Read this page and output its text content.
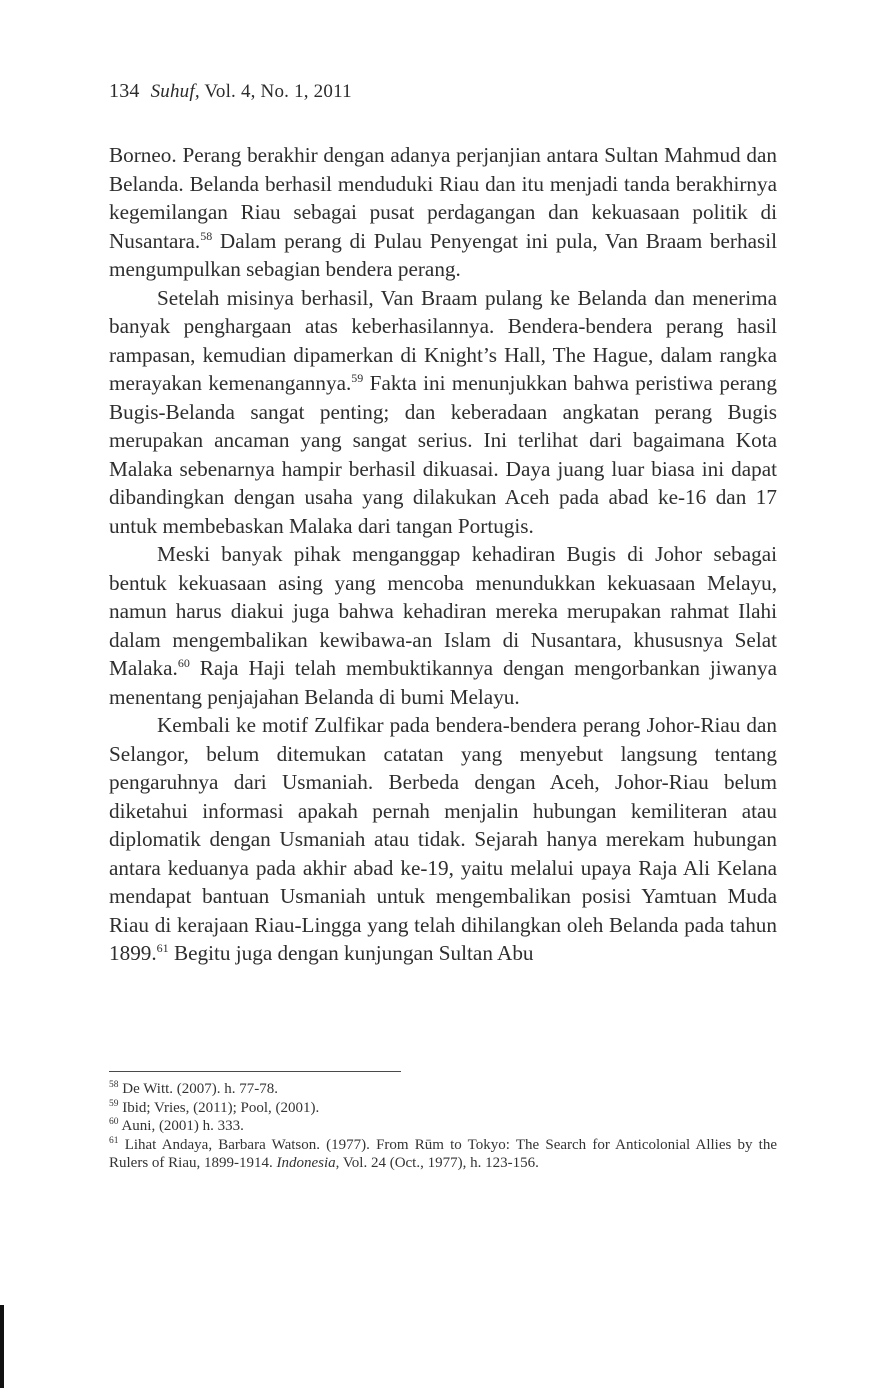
134 Suhuf, Vol. 4, No. 1, 2011

Borneo. Perang berakhir dengan adanya perjanjian antara Sultan Mahmud dan Belanda. Belanda berhasil menduduki Riau dan itu menjadi tanda berakhirnya kegemilangan Riau sebagai pusat perdagangan dan kekuasaan politik di Nusantara.$^{58}$ Dalam perang di Pulau Penyengat ini pula, Van Braam berhasil mengumpulkan sebagian bendera perang.

Setelah misinya berhasil, Van Braam pulang ke Belanda dan menerima banyak penghargaan atas keberhasilannya. Bendera-bendera perang hasil rampasan, kemudian dipamerkan di Knight’s Hall, The Hague, dalam rangka merayakan kemenangannya.$^{59}$ Fakta ini menunjukkan bahwa peristiwa perang Bugis-Belanda sangat penting; dan keberadaan angkatan perang Bugis merupakan ancaman yang sangat serius. Ini terlihat dari bagaimana Kota Malaka sebenarnya hampir berhasil dikuasai. Daya juang luar biasa ini dapat dibandingkan dengan usaha yang dilakukan Aceh pada abad ke-16 dan 17 untuk membebaskan Malaka dari tangan Portugis.

Meski banyak pihak menganggap kehadiran Bugis di Johor sebagai bentuk kekuasaan asing yang mencoba menundukkan kekuasaan Melayu, namun harus diakui juga bahwa kehadiran mereka merupakan rahmat Ilahi dalam mengembalikan kewibawa-an Islam di Nusantara, khususnya Selat Malaka.$^{60}$ Raja Haji telah membuktikannya dengan mengorbankan jiwanya menentang penjajahan Belanda di bumi Melayu.

Kembali ke motif Zulfikar pada bendera-bendera perang Johor-Riau dan Selangor, belum ditemukan catatan yang menyebut langsung tentang pengaruhnya dari Usmaniah. Berbeda dengan Aceh, Johor-Riau belum diketahui informasi apakah pernah menjalin hubungan kemiliteran atau diplomatik dengan Usmaniah atau tidak. Sejarah hanya merekam hubungan antara keduanya pada akhir abad ke-19, yaitu melalui upaya Raja Ali Kelana mendapat bantuan Usmaniah untuk mengembalikan posisi Yamtuan Muda Riau di kerajaan Riau-Lingga yang telah dihilangkan oleh Belanda pada tahun 1899.61 Begitu juga dengan kunjungan Sultan Abu

$^{58}$ De Witt. (2007). h. 77-78.

$^{59}$ Ibid; Vries, (2011); Pool, (2001).

$^{60}$ Auni, (2001) h. 333.

$^{61}$ Lihat Andaya, Barbara Watson. (1977). From Rūm to Tokyo: The Search for Anticolonial Allies by the Rulers of Riau, 1899-1914. Indonesia, Vol. 24 (Oct., 1977), h. 123-156.
